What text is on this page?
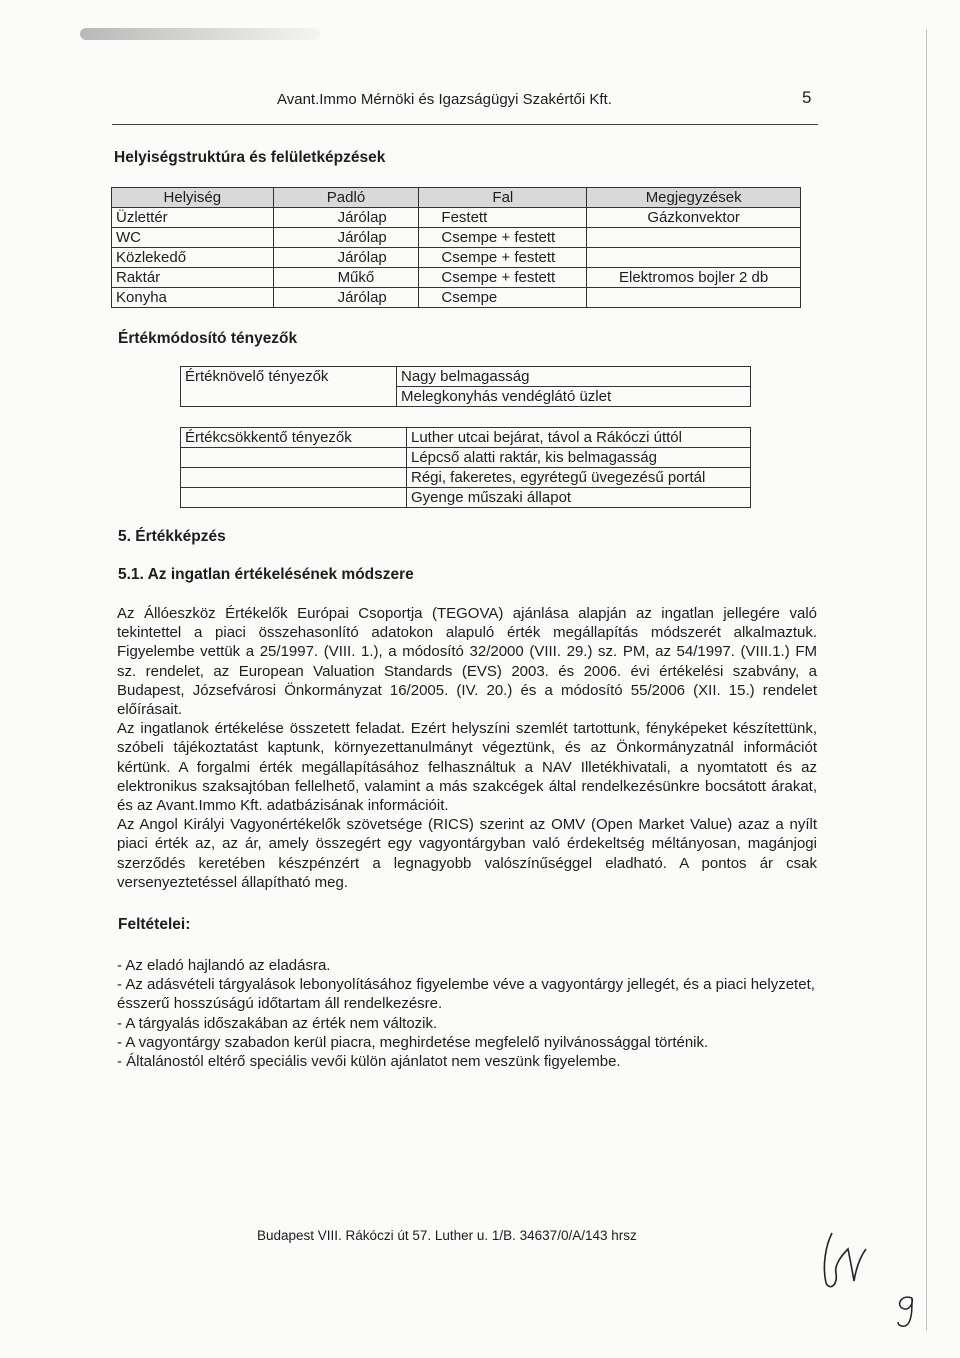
Avant.Immo Mérnöki és Igazságügyi Szakértői Kft.	5
Helyiségstruktúra és felületképzések
Helyiség	Padló	Fal	Megjegyzések
Üzlettér	Járólap	Festett	Gázkonvektor
WC	Járólap	Csempe + festett	
Közlekedő	Járólap	Csempe + festett	
Raktár	Műkő	Csempe + festett	Elektromos bojler 2 db
Konyha	Járólap	Csempe	
Értékmódosító tényezők
Értéknövelő tényezők	Nagy belmagasság
	Melegkonyhás vendéglátó üzlet
Értékcsökkentő tényezők	Luther utcai bejárat, távol a Rákóczi úttól
	Lépcső alatti raktár, kis belmagasság
	Régi, fakeretes, egyrétegű üvegezésű portál
	Gyenge műszaki állapot
5. Értékképzés
5.1. Az ingatlan értékelésének módszere

Az Állóeszköz Értékelők Európai Csoportja (TEGOVA) ajánlása alapján az ingatlan jellegére való tekintettel a piaci összehasonlító adatokon alapuló érték megállapítás módszerét alkalmaztuk. Figyelembe vettük a 25/1997. (VIII. 1.), a módosító 32/2000 (VIII. 29.) sz. PM, az 54/1997. (VIII.1.) FM sz. rendelet, az European Valuation Standards (EVS) 2003. és 2006. évi értékelési szabvány, a Budapest, Józsefvárosi Önkormányzat 16/2005. (IV. 20.) és a módosító 55/2006 (XII. 15.) rendelet előírásait.

Az ingatlanok értékelése összetett feladat. Ezért helyszíni szemlét tartottunk, fényképeket készítettünk, szóbeli tájékoztatást kaptunk, környezettanulmányt végeztünk, és az Önkormányzatnál információt kértünk. A forgalmi érték megállapításához felhasználtuk a NAV Illetékhivatali, a nyomtatott és az elektronikus szaksajtóban fellelhető, valamint a más szakcégek által rendelkezésünkre bocsátott árakat, és az Avant.Immo Kft. adatbázisának információit.

Az Angol Királyi Vagyonértékelők szövetsége (RICS) szerint az OMV (Open Market Value) azaz a nyílt piaci érték az, az ár, amely összegért egy vagyontárgyban való érdekeltség méltányosan, magánjogi szerződés keretében készpénzért a legnagyobb valószínűséggel eladható. A pontos ár csak versenyeztetéssel állapítható meg.

Feltételei:
- Az eladó hajlandó az eladásra.
- Az adásvételi tárgyalások lebonyolításához figyelembe véve a vagyontárgy jellegét, és a piaci helyzetet, ésszerű hosszúságú időtartam áll rendelkezésre.
- A tárgyalás időszakában az érték nem változik.
- A vagyontárgy szabadon kerül piacra, meghirdetése megfelelő nyilvánossággal történik.
- Általánostól eltérő speciális vevői külön ajánlatot nem veszünk figyelembe.
Budapest VIII. Rákóczi út 57. Luther u. 1/B. 34637/0/A/143 hrsz
